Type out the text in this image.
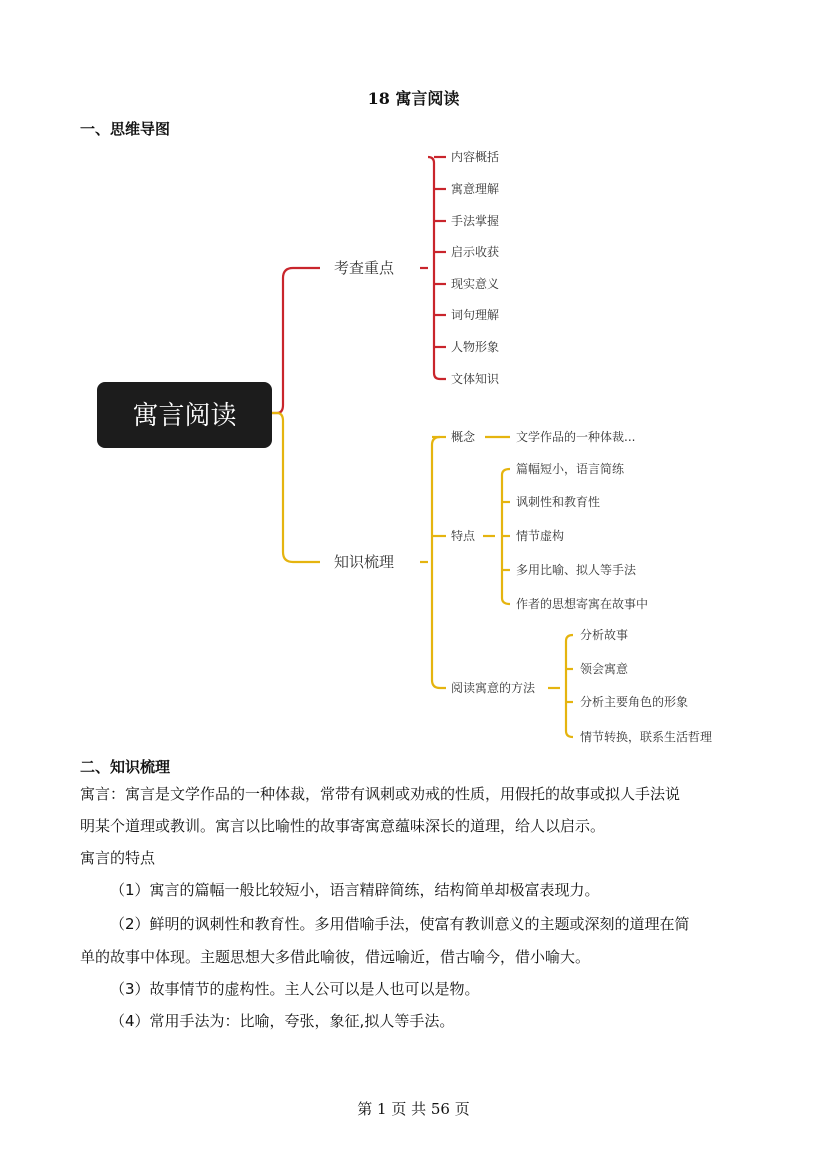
18 寓言阅读
一、思维导图
寓言阅读
考查重点
知识梳理
内容概括
寓意理解
手法掌握
启示收获
现实意义
词句理解
人物形象
文体知识
概念	文学作品的一种体裁...
特点
阅读寓意的方法
篇幅短小，语言简练
讽刺性和教育性
情节虚构
多用比喻、拟人等手法
作者的思想寄寓在故事中
分析故事
领会寓意
分析主要角色的形象
情节转换，联系生活哲理
二、知识梳理
寓言：寓言是文学作品的一种体裁，常带有讽刺或劝戒的性质，用假托的故事或拟人手法说
明某个道理或教训。寓言以比喻性的故事寄寓意蕴味深长的道理，给人以启示。
寓言的特点
（1）寓言的篇幅一般比较短小，语言精辟简练，结构简单却极富表现力。
（2）鲜明的讽刺性和教育性。多用借喻手法，使富有教训意义的主题或深刻的道理在简
单的故事中体现。主题思想大多借此喻彼，借远喻近，借古喻今，借小喻大。
（3）故事情节的虚构性。主人公可以是人也可以是物。
（4）常用手法为：比喻，夸张，象征,拟人等手法。
第 1 页 共 56 页
